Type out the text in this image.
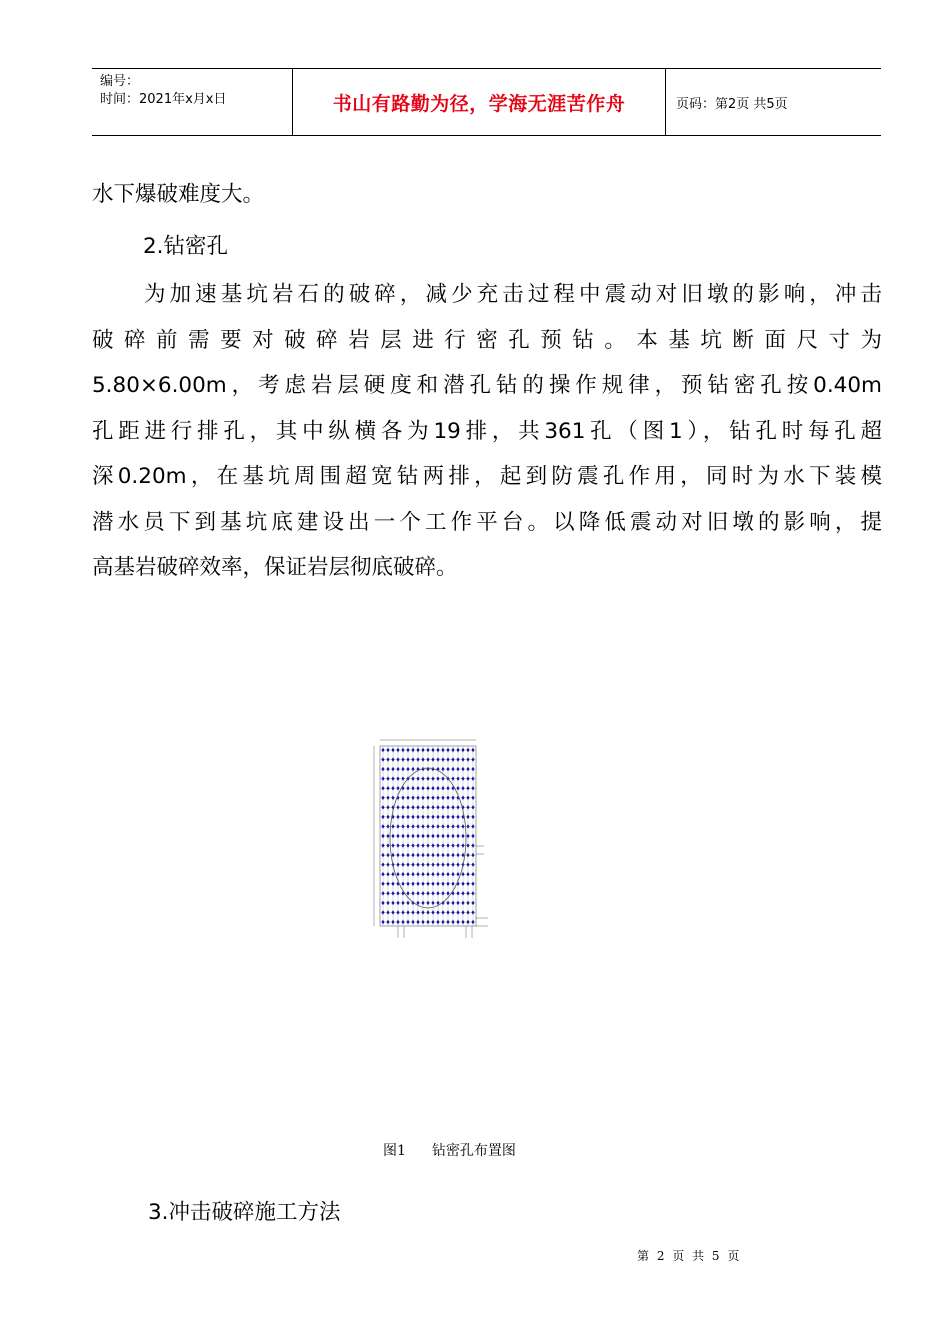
编号：
时间：2021年x月x日	书山有路勤为径，学海无涯苦作舟	页码：第2页 共5页
水下爆破难度大。
2.钻密孔
为加速基坑岩石的破碎，减少充击过程中震动对旧墩的影响，冲击
破碎前需要对破碎岩层进行密孔预钻。本基坑断面尺寸为
5.80×6.00m，考虑岩层硬度和潜孔钻的操作规律，预钻密孔按0.40m
孔距进行排孔，其中纵横各为19排，共361孔（图1），钻孔时每孔超
深0.20m，在基坑周围超宽钻两排，起到防震孔作用，同时为水下装模
潜水员下到基坑底建设出一个工作平台。以降低震动对旧墩的影响，提
高基岩破碎效率，保证岩层彻底破碎。
图1 钻密孔布置图
3.冲击破碎施工方法
第 2 页 共 5 页
